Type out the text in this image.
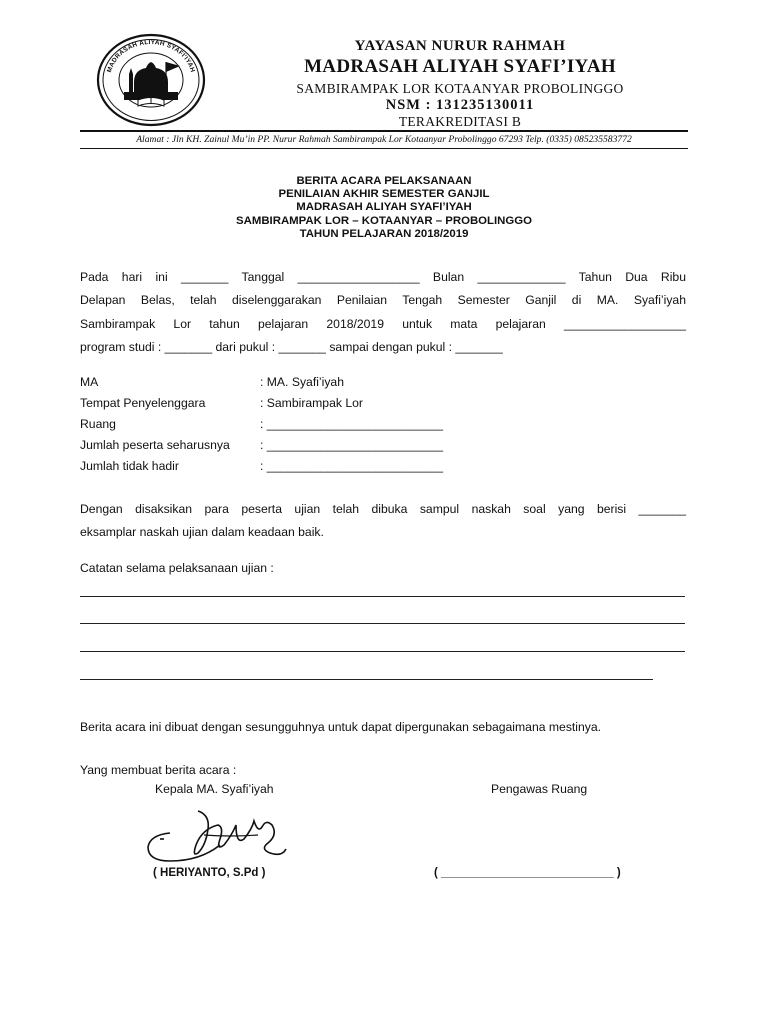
MADRASAH ALIYAH SYAFI'IYAH
YAYASAN NURUR RAHMAH
MADRASAH ALIYAH SYAFI’IYAH
SAMBIRAMPAK LOR KOTAANYAR PROBOLINGGO
NSM : 131235130011
TERAKREDITASI B
Alamat : Jln KH. Zainul Mu’in PP. Nurur Rahmah Sambirampak Lor Kotaanyar Probolinggo 67293 Telp. (0335) 085235583772
BERITA ACARA PELAKSANAAN
PENILAIAN AKHIR SEMESTER GANJIL
MADRASAH ALIYAH SYAFI’IYAH
SAMBIRAMPAK LOR – KOTAANYAR – PROBOLINGGO
TAHUN PELAJARAN 2018/2019
Pada hari ini _______ Tanggal __________________ Bulan _____________ Tahun Dua Ribu
Delapan Belas, telah diselenggarakan Penilaian Tengah Semester Ganjil di MA. Syafi’iyah
Sambirampak Lor tahun pelajaran 2018/2019 untuk mata pelajaran __________________
program studi : _______ dari pukul : _______ sampai dengan pukul : _______
MA	: MA. Syafi’iyah
Tempat Penyelenggara	: Sambirampak Lor
Ruang	: __________________________
Jumlah peserta seharusnya : __________________________
Jumlah tidak hadir	: __________________________
Dengan disaksikan para peserta ujian telah dibuka sampul naskah soal yang berisi _______
eksamplar naskah ujian dalam keadaan baik.
Catatan selama pelaksanaan ujian :
Berita acara ini dibuat dengan sesungguhnya untuk dapat dipergunakan sebagaimana mestinya.
Yang membuat berita acara :
Kepala MA. Syafi’iyah	Pengawas Ruang
( HERIYANTO, S.Pd )	( ___________________________ )
